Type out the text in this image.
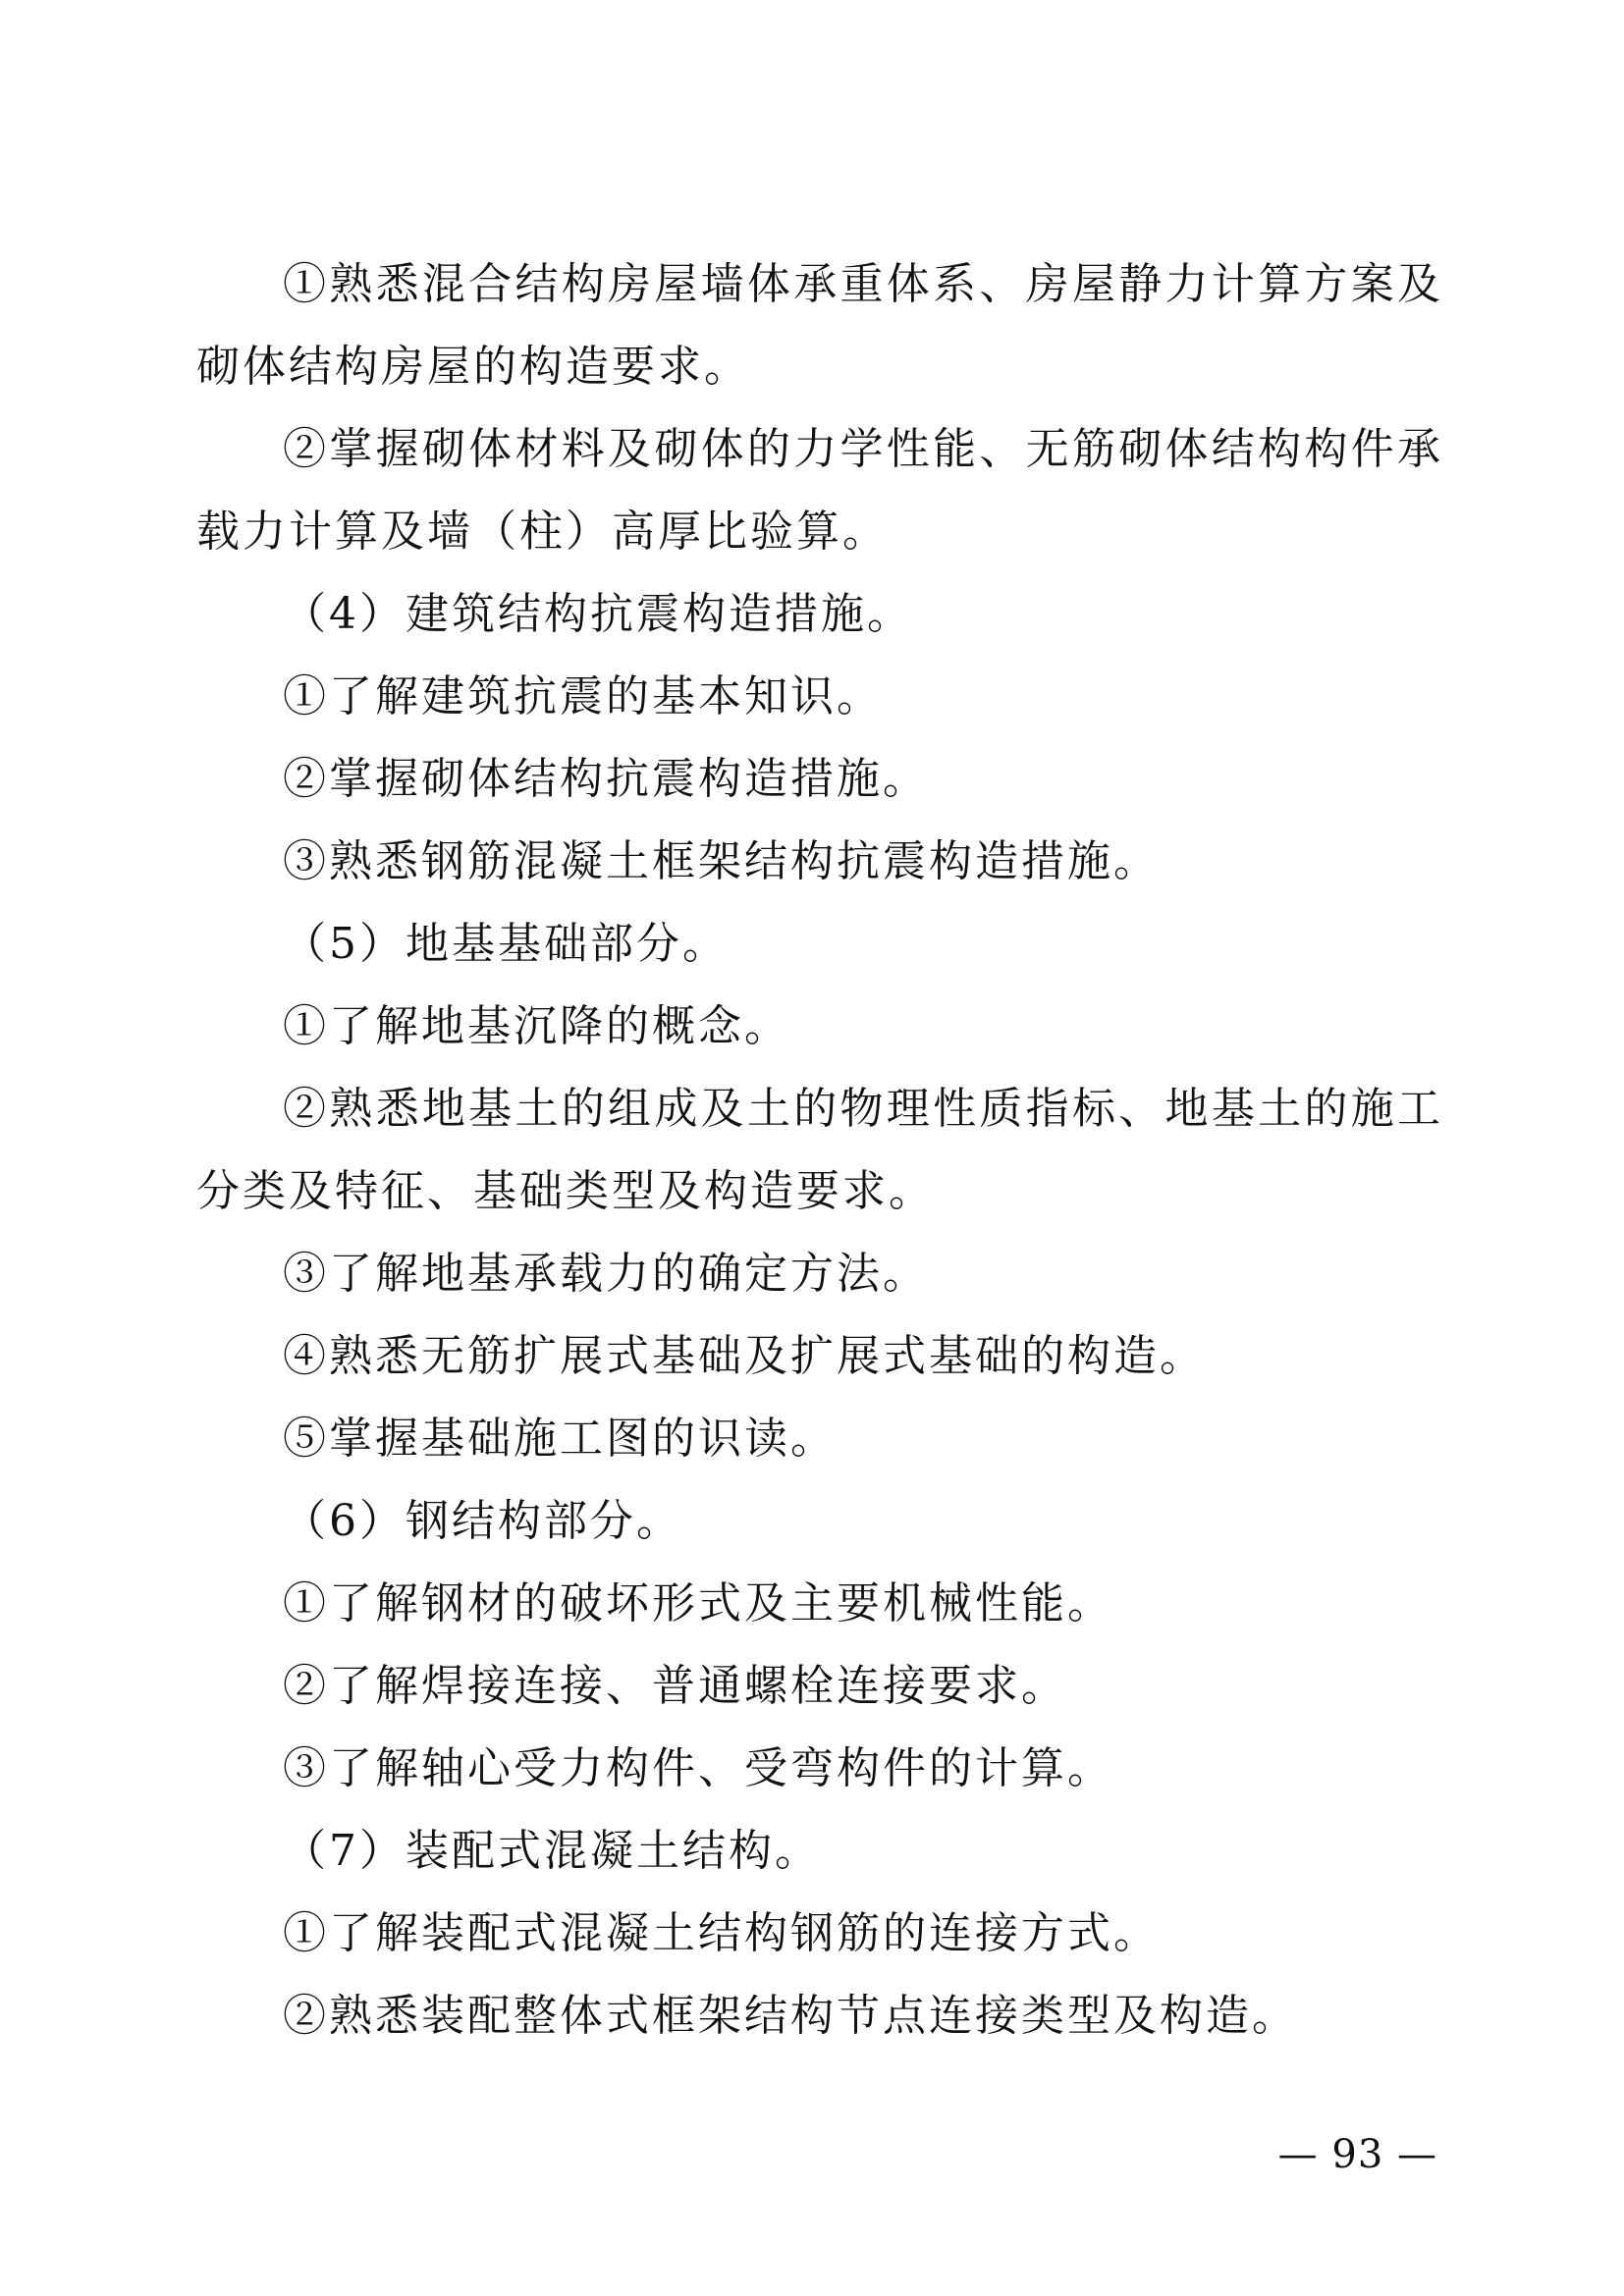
①熟悉混合结构房屋墙体承重体系、房屋静力计算方案及砌体结构房屋的构造要求。

②掌握砌体材料及砌体的力学性能、无筋砌体结构构件承载力计算及墙（柱）高厚比验算。

（4）建筑结构抗震构造措施。

①了解建筑抗震的基本知识。

②掌握砌体结构抗震构造措施。

③熟悉钢筋混凝土框架结构抗震构造措施。

（5）地基基础部分。

①了解地基沉降的概念。

②熟悉地基土的组成及土的物理性质指标、地基土的施工分类及特征、基础类型及构造要求。

③了解地基承载力的确定方法。

④熟悉无筋扩展式基础及扩展式基础的构造。

⑤掌握基础施工图的识读。

（6）钢结构部分。

①了解钢材的破坏形式及主要机械性能。

②了解焊接连接、普通螺栓连接要求。

③了解轴心受力构件、受弯构件的计算。

（7）装配式混凝土结构。

①了解装配式混凝土结构钢筋的连接方式。

②熟悉装配整体式框架结构节点连接类型及构造。

— 93 —
